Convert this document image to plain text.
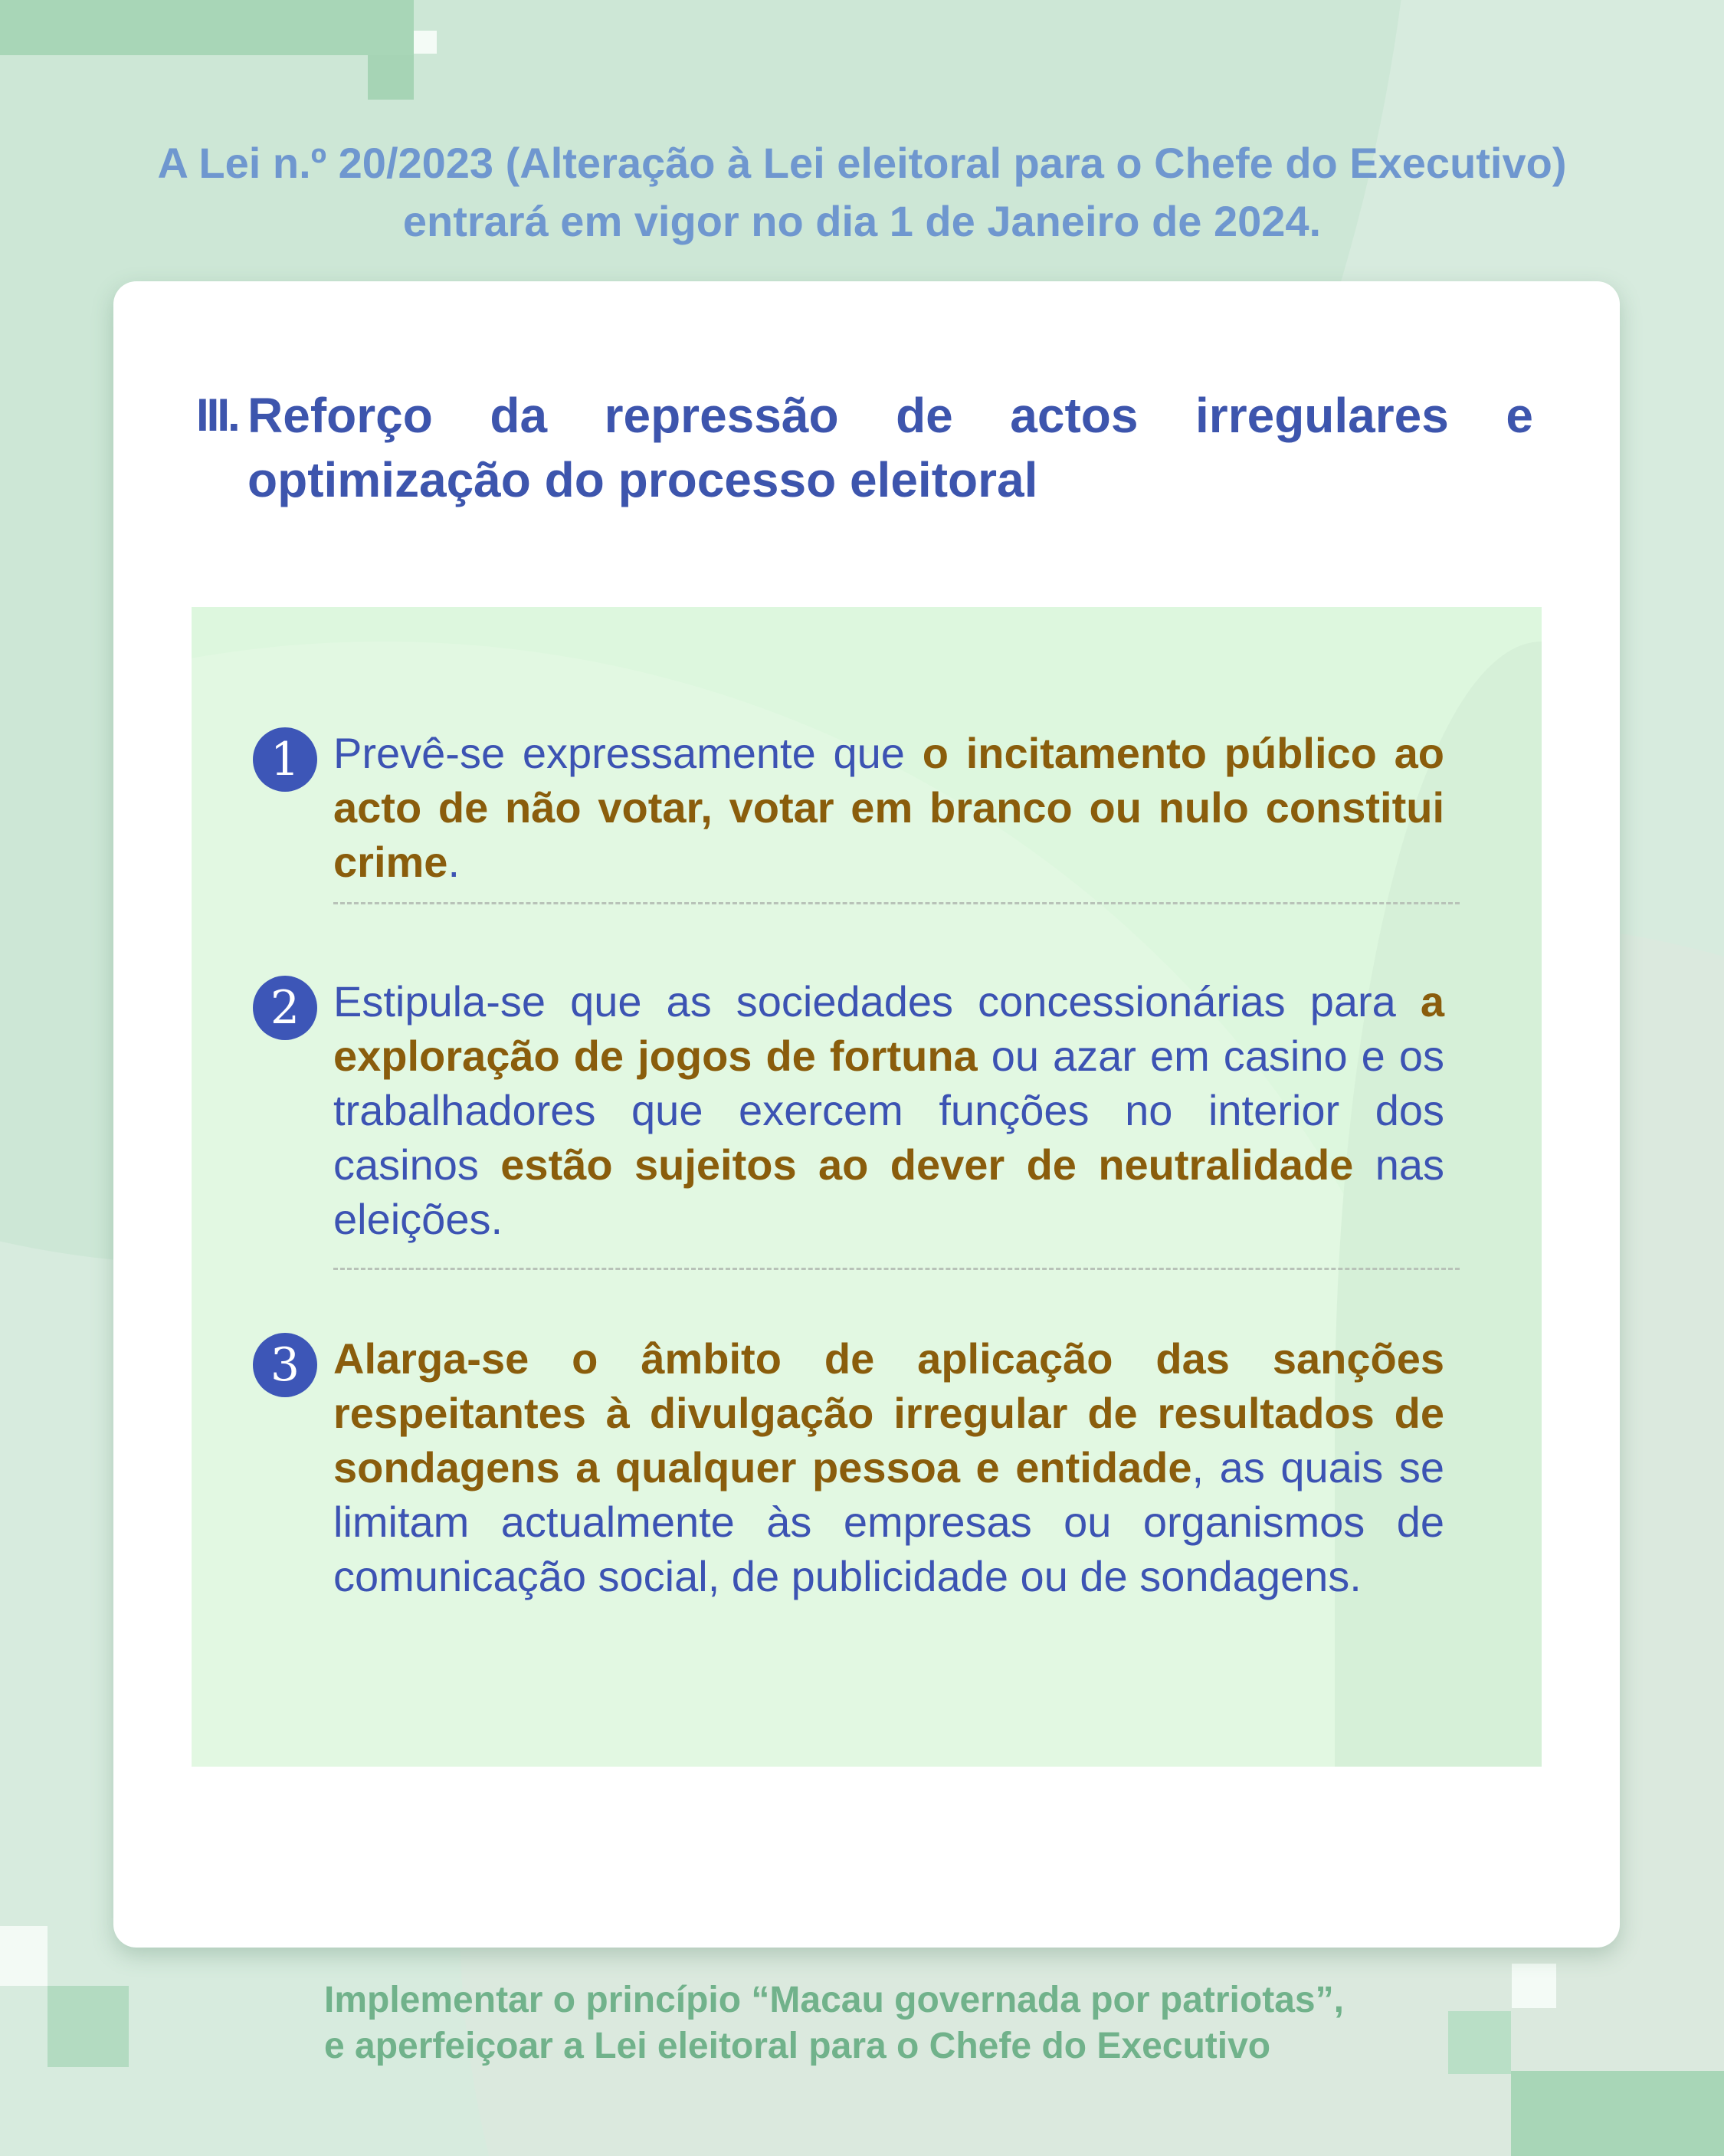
A Lei n.º 20/2023 (Alteração à Lei eleitoral para o Chefe do Executivo)
entrará em vigor no dia 1 de Janeiro de 2024.
III. Reforço da repressão de actos irregulares e optimização do processo eleitoral
1 Prevê-se expressamente que o incitamento público ao acto de não votar, votar em branco ou nulo constitui crime.

2 Estipula-se que as sociedades concessionárias para a exploração de jogos de fortuna ou azar em casino e os trabalhadores que exercem funções no interior dos casinos estão sujeitos ao dever de neutralidade nas eleições.

3 Alarga-se o âmbito de aplicação das sanções respeitantes à divulgação irregular de resultados de sondagens a qualquer pessoa e entidade, as quais se limitam actualmente às empresas ou organismos de comunicação social, de publicidade ou de sondagens.

Implementar o princípio “Macau governada por patriotas”,
e aperfeiçoar a Lei eleitoral para o Chefe do Executivo
